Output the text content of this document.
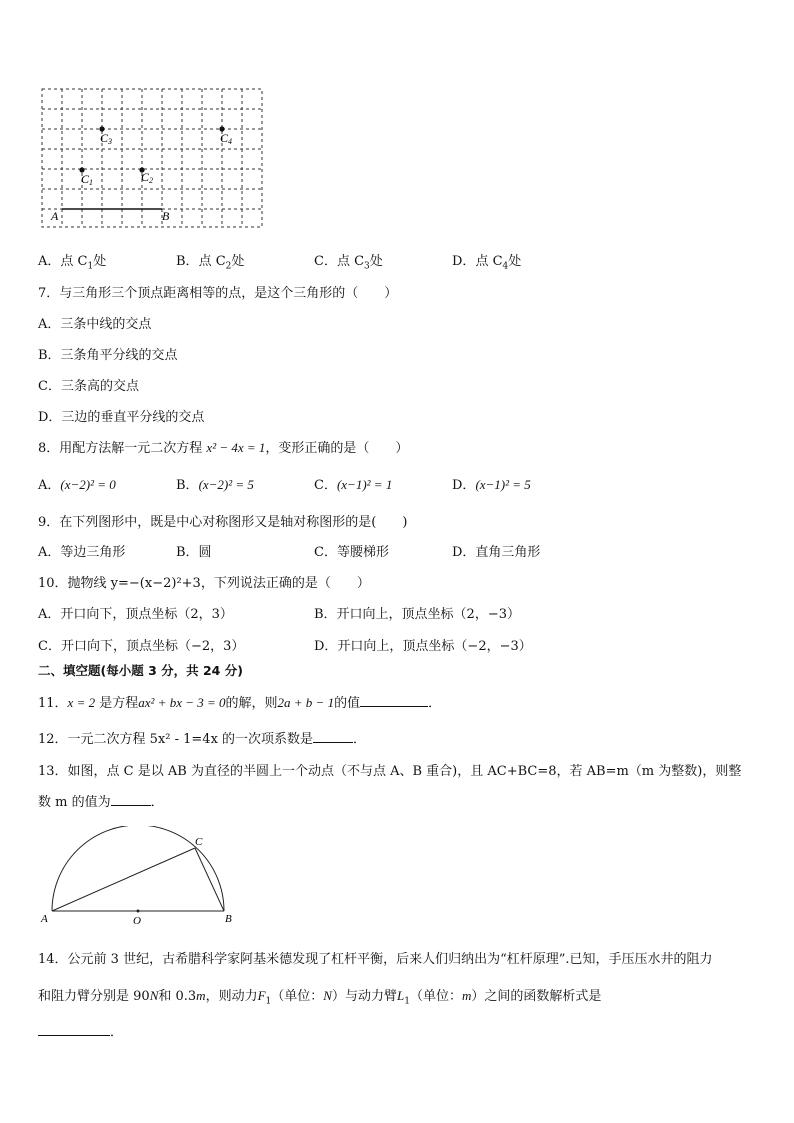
C3	C4
C1	C2
A	B
A．点 $C_1$处	B．点 $C_2$处	C．点 $C_3$处	D．点 $C_4$处
7．与三角形三个顶点距离相等的点，是这个三角形的（　　）
A．三条中线的交点
B．三条角平分线的交点
C．三条高的交点
D．三边的垂直平分线的交点
8．用配方法解一元二次方程 x² − 4x = 1，变形正确的是（　　）
A．(x−2)² = 0	B．(x−2)² = 5	C．(x−1)² = 1	D．(x−1)² = 5
9．在下列图形中，既是中心对称图形又是轴对称图形的是(　　)
A．等边三角形	B．圆	C．等腰梯形	D．直角三角形
10．抛物线 y=−(x−2)²+3，下列说法正确的是（　　）
A．开口向下，顶点坐标（2，3）	B．开口向上，顶点坐标（2，−3）
C．开口向下，顶点坐标（−2，3）	D．开口向上，顶点坐标（−2，−3）
二、填空题(每小题 3 分，共 24 分)
11．x = 2 是方程ax² + bx − 3 = 0的解，则2a + b − 1的值	．
12．一元二次方程 5x² - 1=4x 的一次项系数是	．
13．如图，点 C 是以 AB 为直径的半圆上一个动点（不与点 A、B 重合)，且 AC+BC=8，若 AB=m（m 为整数)，则整
数 m 的值为	．
A	B
C
O
14．公元前 3 世纪，古希腊科学家阿基米德发现了杠杆平衡，后来人们归纳出为“杠杆原理”.已知，手压压水井的阻力
和阻力臂分别是 90N和 0.3m，则动力$F_1$（单位：N）与动力臂$L_1$（单位：m）之间的函数解析式是
．
